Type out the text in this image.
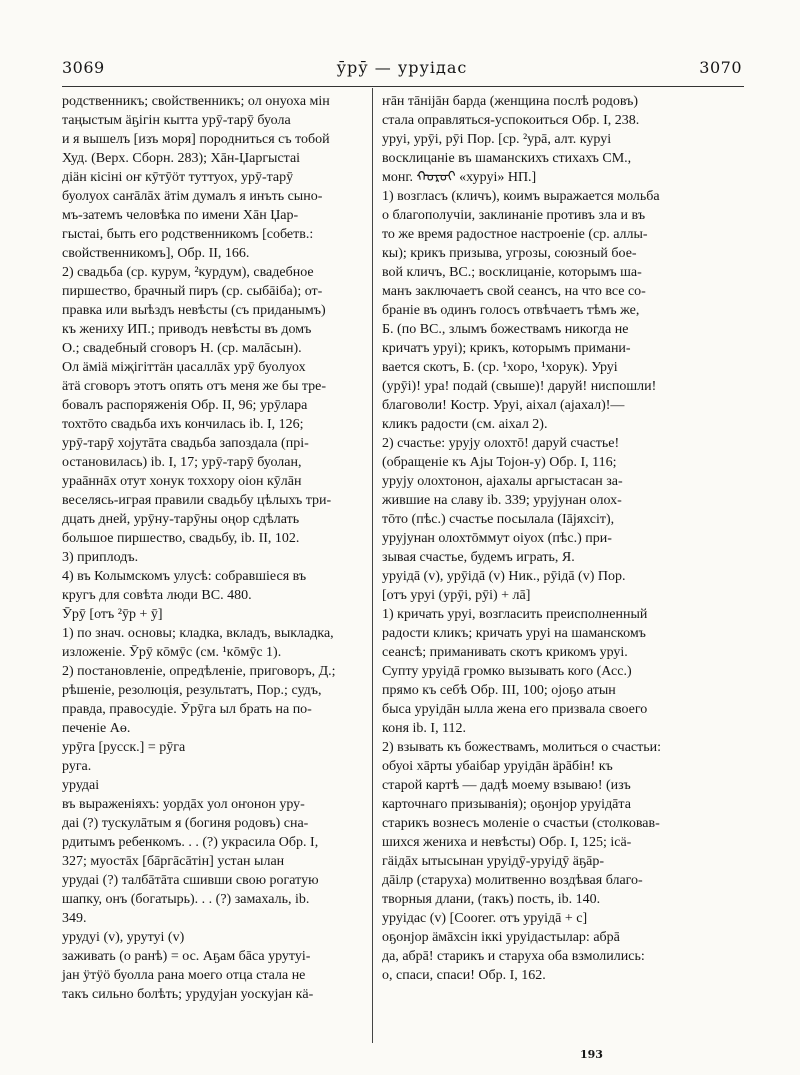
3069	ӯрӯ — уруiдас	3070

родственникъ; свойственникъ; ол онуоха мін
таңыстым äҕiгiн кытта урӯ-тарӯ буола
и я вышелъ [изъ моря] породниться съ тобой
Худ. (Верх. Сборн. 283); Хāн-Џаргыстаi
дiäн кiсiнi оҥ кӯтӯӧт туттуох, урӯ-тарӯ
буолуох саҥāлāх äтiм думалъ я инъть сыно-
мъ-затемъ человѣка по имени Хāн Џар-
гыстаi, быть его родственникомъ [собетв.:
свойственникомъ], Обр. II, 166.
2) свадьба (ср. курум, ²курдум), свадебное
пиршество, брачный пиръ (ср. сыбāiба); от-
правка или выѣздъ невѣсты (съ приданымъ)
къ жениху ИП.; приводъ невѣсты въ домъ
О.; свадебный сговоръ Н. (ср. малāсын).
Ол äмiä мiҗiгiттäн џасаллāх урӯ буолуох
äтä сговоръ этотъ опять отъ меня же бы тре-
бовалъ распоряженія Обр. II, 96; урӯлара
тохтōто свадьба ихъ кончилась ib. I, 126;
урӯ-тарӯ хојутāта свадьба запоздала (прi-
остановилась) ib. I, 17; урӯ-тарӯ буолан,
ураāннāх отут хонук тоххору оiон кӯлāн
веселясь-играя правили свадьбу цѣлыхъ три-
дцать дней, урӯну-тарӯны оңор сдѣлать
большое пиршество, свадьбу, ib. II, 102.
3) приплодъ.
4) въ Колымскомъ улусѣ: собравшіеся въ
кругъ для совѣта люди ВС. 480.
Ӯрӯ [отъ ²ӯр + ӯ]
1) по знач. основы; кладка, вкладъ, выкладка,
изложеніе. Ӯрӯ кōмӯс (см. ¹кōмӯс 1).
2) постановленіе, опредѣленіе, приговоръ, Д.;
рѣшеніе, резолюція, результатъ, Пор.; судъ,
правда, правосудіе. Ӯрӯга ыл брать на по-
печеніе Аө.
урӯга [русск.] = рӯга
руга.
урудаi
въ выраженіяхъ: уордāх уол оҥонон уру-
даi (?) тускулāтым я (богиня родовъ) сна-
рдитымъ ребенкомъ. . . (?) украсила Обр. I,
327; муостāх [бāргāсāтiн] устан ылан
урудаi (?) талбāтāта сшивши свою рогатую
шапку, онъ (богатырь). . . (?) замахаль, ib.
349.
урудуi (v), урутуi (v)
заживать (о ранѣ) = ос. Аҕам бāса урутуi-
јан ӱтӱӧ буолла рана моего отца стала не
такъ сильно болѣть; урудујан уоскујан кä-

ҥāн тāнiјāн барда (женщина послѣ родовъ)
стала оправляться-успокоиться Обр. I, 238.
уруi, урӯi, рӯi Пор. [ср. ²урā, алт. куруi
восклицаніе въ шаманскихъ стихахъ СМ.,
монг. ᠬᠤᠷᠤᠢ «хуруi» НП.]
1) возгласъ (кличъ), коимъ выражается мольба
о благополучіи, заклинаніе противъ зла и въ
то же время радостное настроеніе (ср. аллы-
кы); крикъ призыва, угрозы, союзный бое-
вой кличъ, ВС.; восклицаніе, которымъ ша-
манъ заключаетъ свой сеансъ, на что все со-
браніе въ одинъ голосъ отвѣчаетъ тѣмъ же,
Б. (по ВС., злымъ божествамъ никогда не
кричатъ уруi); крикъ, которымъ примани-
вается скотъ, Б. (ср. ¹хоро, ¹хорук). Уруi
(урӯi)! ура! подай (свыше)! даруй! ниспошли!
благоволи! Костр. Уруi, аiхал (ајахал)!—
кликъ радости (см. аiхал 2).
2) счастье: урују олохтō! даруй счастье!
(обращеніе къ Ајы Тојон-у) Обр. I, 116;
урују олохтонон, ајахалы аргыстасан за-
жившие на славу ib. 339; урујунан олох-
тōто (пѣс.) счастье посылала (Iāјяхсiт),
урујунан олохтōммут оiуох (пѣс.) при-
зывая счастье, будемъ играть, Я.
уруiдā (v), урӯiдā (v) Ник., рӯiдā (v) Пор.
[отъ уруi (урӯi, рӯi) + лā]
1) кричать уруi, возгласить преисполненный
радости кликъ; кричать уруi на шаманскомъ
сеансѣ; приманивать скотъ крикомъ уруi.
Супту уруiдā громко вызывать кого (Асс.)
прямо къ себѣ Обр. III, 100; ојоҕо атын
быса уруiдāн ылла жена его призвала своего
коня ib. I, 112.
2) взывать къ божествамъ, молиться о счастьи:
обуоi хāрты убаiбар уруiдāн äрāбiн! къ
старой картѣ — дадѣ моему взываю! (изъ
карточнаго призыванія); оҕонјор уруiдāта
старикъ вознесъ моленіе о счастьи (столковав-
шихся жениха и невѣсты) Обр. I, 125; iсä-
гäiдāх ытысынан уруiдӯ-уруiдӯ äҕāр-
дāiлр (старуха) молитвенно воздѣвая благо-
творныя длани, (такъ) пость, ib. 140.
уруiдас (v) [Сооreг. отъ уруiдā + с]
оҕонјор äмāхсiн iккi уруiдастылар: абрā
да, абрā! старикъ и старуха оба взмолились:
о, спаси, спаси! Обр. I, 162.

193
